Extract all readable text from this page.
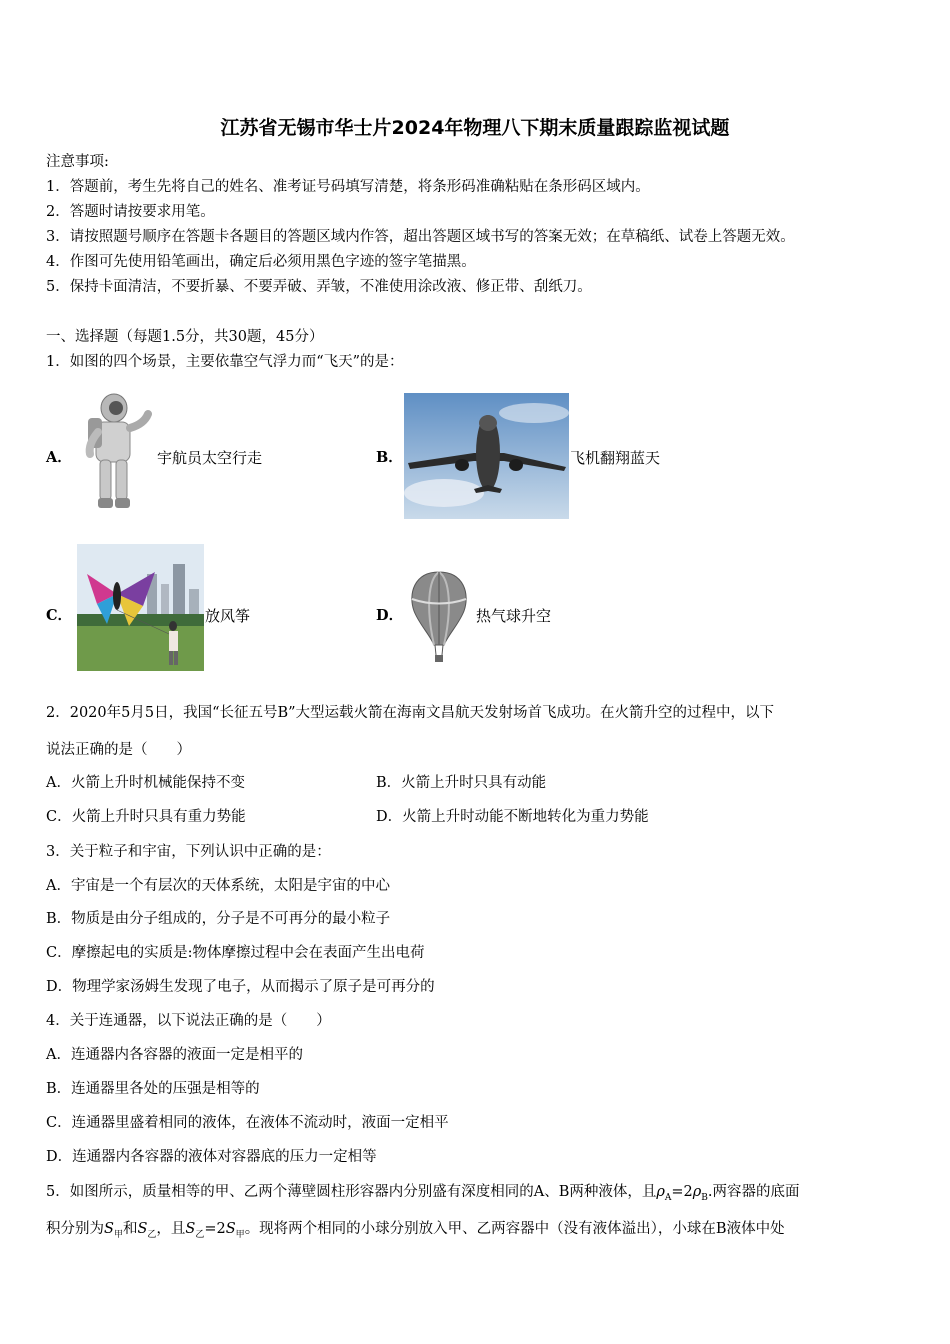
江苏省无锡市华士片2024年物理八下期末质量跟踪监视试题
注意事项:
1．答题前，考生先将自己的姓名、准考证号码填写清楚，将条形码准确粘贴在条形码区域内。
2．答题时请按要求用笔。
3．请按照题号顺序在答题卡各题目的答题区域内作答，超出答题区域书写的答案无效；在草稿纸、试卷上答题无效。
4．作图可先使用铅笔画出，确定后必须用黑色字迹的签字笔描黑。
5．保持卡面清洁，不要折暴、不要弄破、弄皱，不准使用涂改液、修正带、刮纸刀。
一、选择题（每题1.5分，共30题，45分）
1．如图的四个场景，主要依靠空气浮力而“飞天”的是：
A．	宇航员太空行走	B．	飞机翻翔蓝天
C．	放风筝	D．	热气球升空
2．2020年5月5日，我国“长征五号B”大型运载火箭在海南文昌航天发射场首飞成功。在火箭升空的过程中，以下
说法正确的是（　　）
A．火箭上升时机械能保持不变	B．火箭上升时只具有动能
C．火箭上升时只具有重力势能	D．火箭上升时动能不断地转化为重力势能
3．关于粒子和宇宙，下列认识中正确的是：
A．宇宙是一个有层次的天体系统，太阳是宇宙的中心
B．物质是由分子组成的，分子是不可再分的最小粒子
C．摩擦起电的实质是:物体摩擦过程中会在表面产生出电荷
D．物理学家汤姆生发现了电子，从而揭示了原子是可再分的
4．关于连通器，以下说法正确的是（　　）
A．连通器内各容器的液面一定是相平的
B．连通器里各处的压强是相等的
C．连通器里盛着相同的液体，在液体不流动时，液面一定相平
D．连通器内各容器的液体对容器底的压力一定相等
5．如图所示，质量相等的甲、乙两个薄壁圆柱形容器内分别盛有深度相同的A、B两种液体，且$\rho_A=2\rho_B$.两容器的底面
积分别为$S_甲$和$S_乙$，且$S_乙=2S_甲$。现将两个相同的小球分别放入甲、乙两容器中（没有液体溢出），小球在B液体中处
